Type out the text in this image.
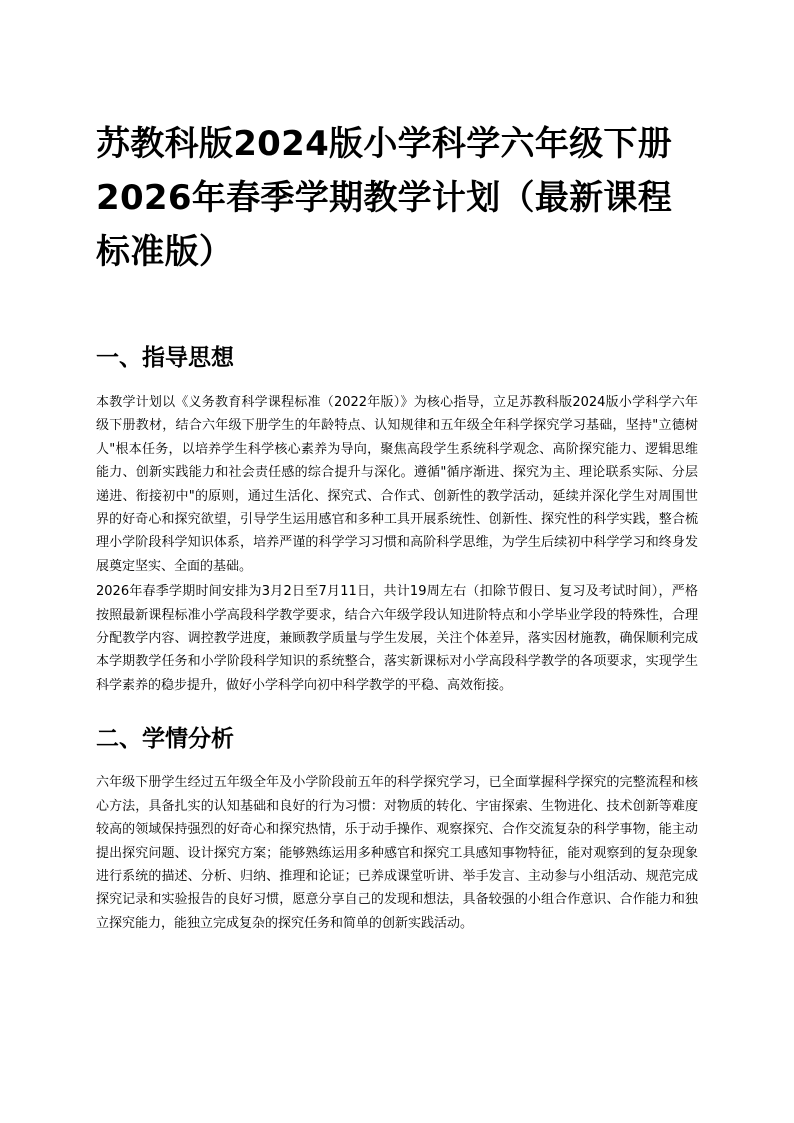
苏教科版2024版小学科学六年级下册2026年春季学期教学计划（最新课程标准版）
一、指导思想

本教学计划以《义务教育科学课程标准（2022年版）》为核心指导，立足苏教科版2024版小学科学六年级下册教材，结合六年级下册学生的年龄特点、认知规律和五年级全年科学探究学习基础，坚持"立德树人"根本任务，以培养学生科学核心素养为导向，聚焦高段学生系统科学观念、高阶探究能力、逻辑思维能力、创新实践能力和社会责任感的综合提升与深化。遵循"循序渐进、探究为主、理论联系实际、分层递进、衔接初中"的原则，通过生活化、探究式、合作式、创新性的教学活动，延续并深化学生对周围世界的好奇心和探究欲望，引导学生运用感官和多种工具开展系统性、创新性、探究性的科学实践，整合梳理小学阶段科学知识体系，培养严谨的科学学习习惯和高阶科学思维，为学生后续初中科学学习和终身发展奠定坚实、全面的基础。

2026年春季学期时间安排为3月2日至7月11日，共计19周左右（扣除节假日、复习及考试时间），严格按照最新课程标准小学高段科学教学要求，结合六年级学段认知进阶特点和小学毕业学段的特殊性，合理分配教学内容、调控教学进度，兼顾教学质量与学生发展，关注个体差异，落实因材施教，确保顺利完成本学期教学任务和小学阶段科学知识的系统整合，落实新课标对小学高段科学教学的各项要求，实现学生科学素养的稳步提升，做好小学科学向初中科学教学的平稳、高效衔接。

二、学情分析

六年级下册学生经过五年级全年及小学阶段前五年的科学探究学习，已全面掌握科学探究的完整流程和核心方法，具备扎实的认知基础和良好的行为习惯：对物质的转化、宇宙探索、生物进化、技术创新等难度较高的领域保持强烈的好奇心和探究热情，乐于动手操作、观察探究、合作交流复杂的科学事物，能主动提出探究问题、设计探究方案；能够熟练运用多种感官和探究工具感知事物特征，能对观察到的复杂现象进行系统的描述、分析、归纳、推理和论证；已养成课堂听讲、举手发言、主动参与小组活动、规范完成探究记录和实验报告的良好习惯，愿意分享自己的发现和想法，具备较强的小组合作意识、合作能力和独立探究能力，能独立完成复杂的探究任务和简单的创新实践活动。
